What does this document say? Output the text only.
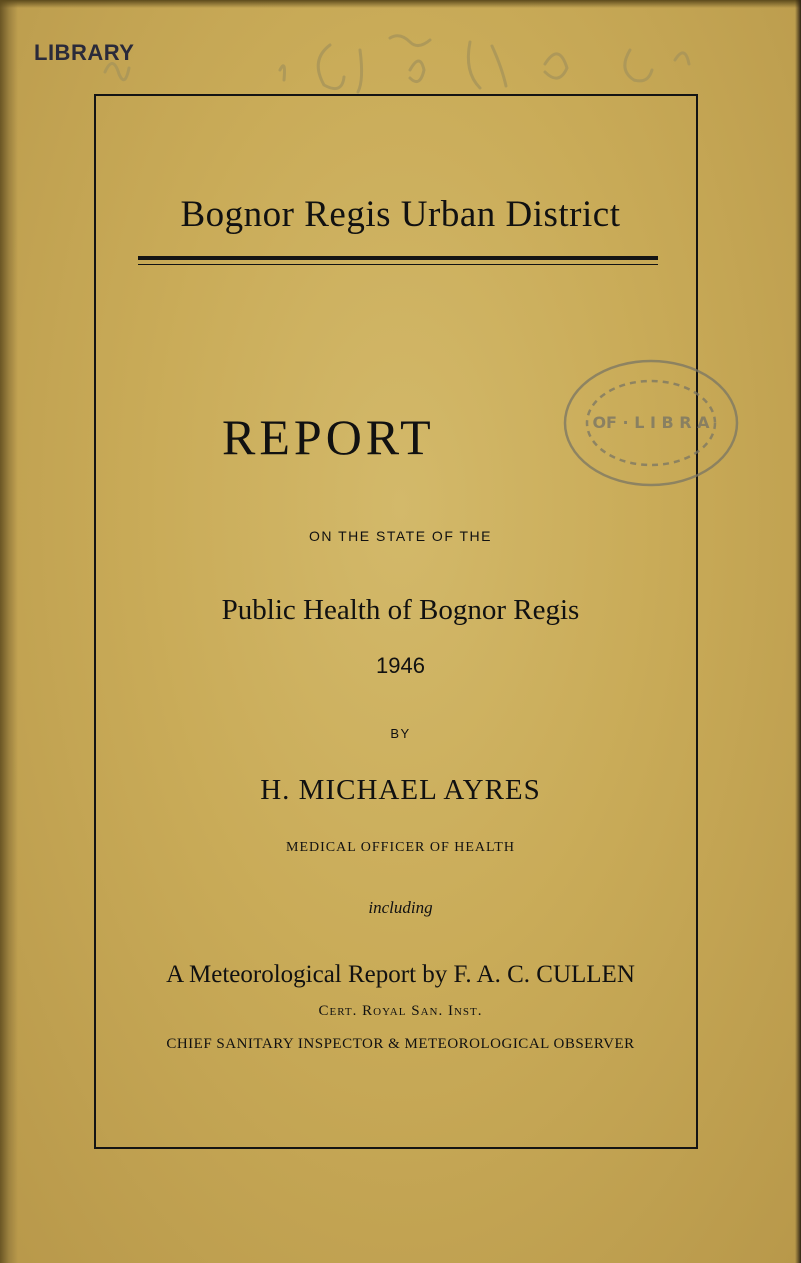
LIBRARY
Bognor Regis Urban District
REPORT	OF · L I B R A
ON THE STATE OF THE
Public Health of Bognor Regis
1946
BY
H. MICHAEL AYRES
MEDICAL OFFICER OF HEALTH
including
A Meteorological Report by F. A. C. CULLEN
Cert. Royal San. Inst.
CHIEF SANITARY INSPECTOR & METEOROLOGICAL OBSERVER
